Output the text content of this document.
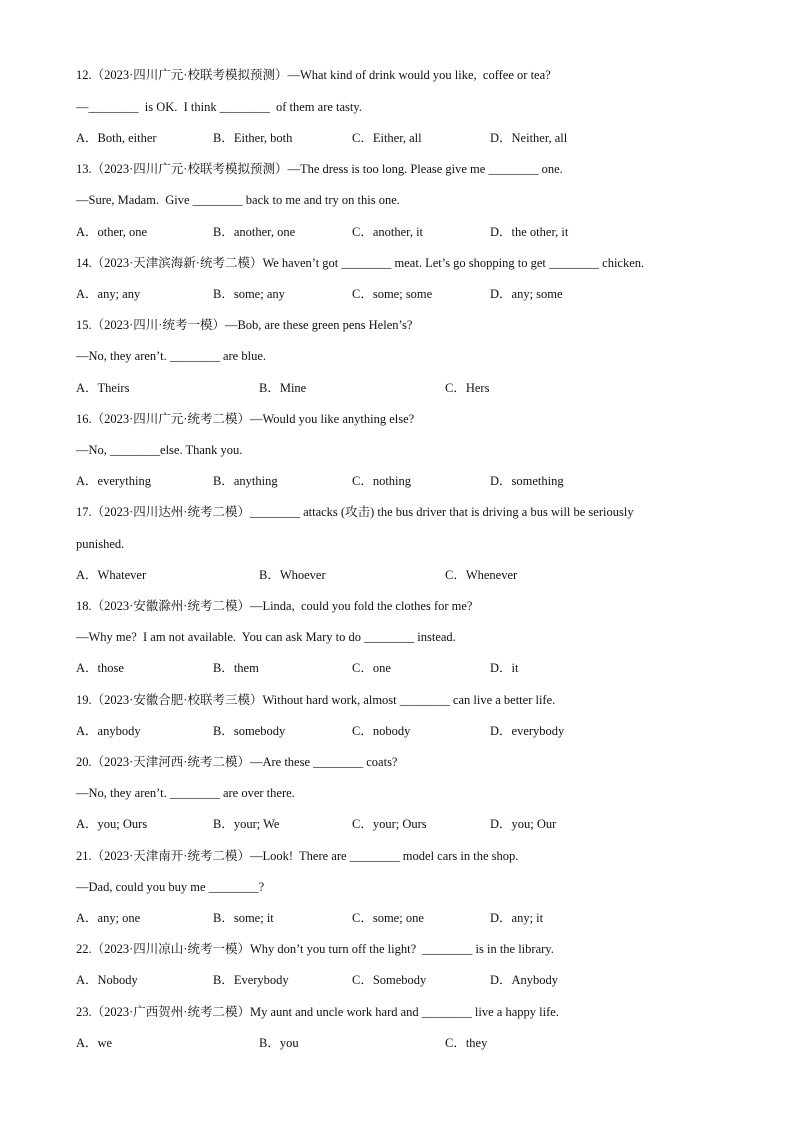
12.（2023·四川广元·校联考模拟预测）—What kind of drink would you like,  coffee or tea?
—________  is OK.  I think ________  of them are tasty.
A．Both, either	B．Either, both	C．Either, all	D．Neither, all
13.（2023·四川广元·校联考模拟预测）—The dress is too long. Please give me ________ one.
—Sure, Madam.  Give ________ back to me and try on this one.
A．other, one	B．another, one	C．another, it	D．the other, it
14.（2023·天津滨海新·统考二模）We haven’t got ________ meat. Let’s go shopping to get ________ chicken.
A．any; any	B．some; any	C．some; some	D．any; some
15.（2023·四川·统考一模）—Bob, are these green pens Helen’s?
—No, they aren’t. ________ are blue.
A．Theirs	B．Mine	C．Hers
16.（2023·四川广元·统考二模）—Would you like anything else?
—No, ________else. Thank you.
A．everything	B．anything	C．nothing	D．something
17.（2023·四川达州·统考二模）________ attacks (攻击) the bus driver that is driving a bus will be seriously
punished.
A．Whatever	B．Whoever	C．Whenever
18.（2023·安徽滁州·统考二模）—Linda,  could you fold the clothes for me?
—Why me?  I am not available.  You can ask Mary to do ________ instead.
A．those	B．them	C．one	D．it
19.（2023·安徽合肥·校联考三模）Without hard work, almost ________ can live a better life.
A．anybody	B．somebody	C．nobody	D．everybody
20.（2023·天津河西·统考二模）—Are these ________ coats?
—No, they aren’t. ________ are over there.
A．you; Ours	B．your; We	C．your; Ours	D．you; Our
21.（2023·天津南开·统考二模）—Look!  There are ________ model cars in the shop.
—Dad, could you buy me ________?
A．any; one	B．some; it	C．some; one	D．any; it
22.（2023·四川凉山·统考一模）Why don’t you turn off the light?  ________ is in the library.
A．Nobody	B．Everybody	C．Somebody	D．Anybody
23.（2023·广西贺州·统考二模）My aunt and uncle work hard and ________ live a happy life.
A．we	B．you	C．they
